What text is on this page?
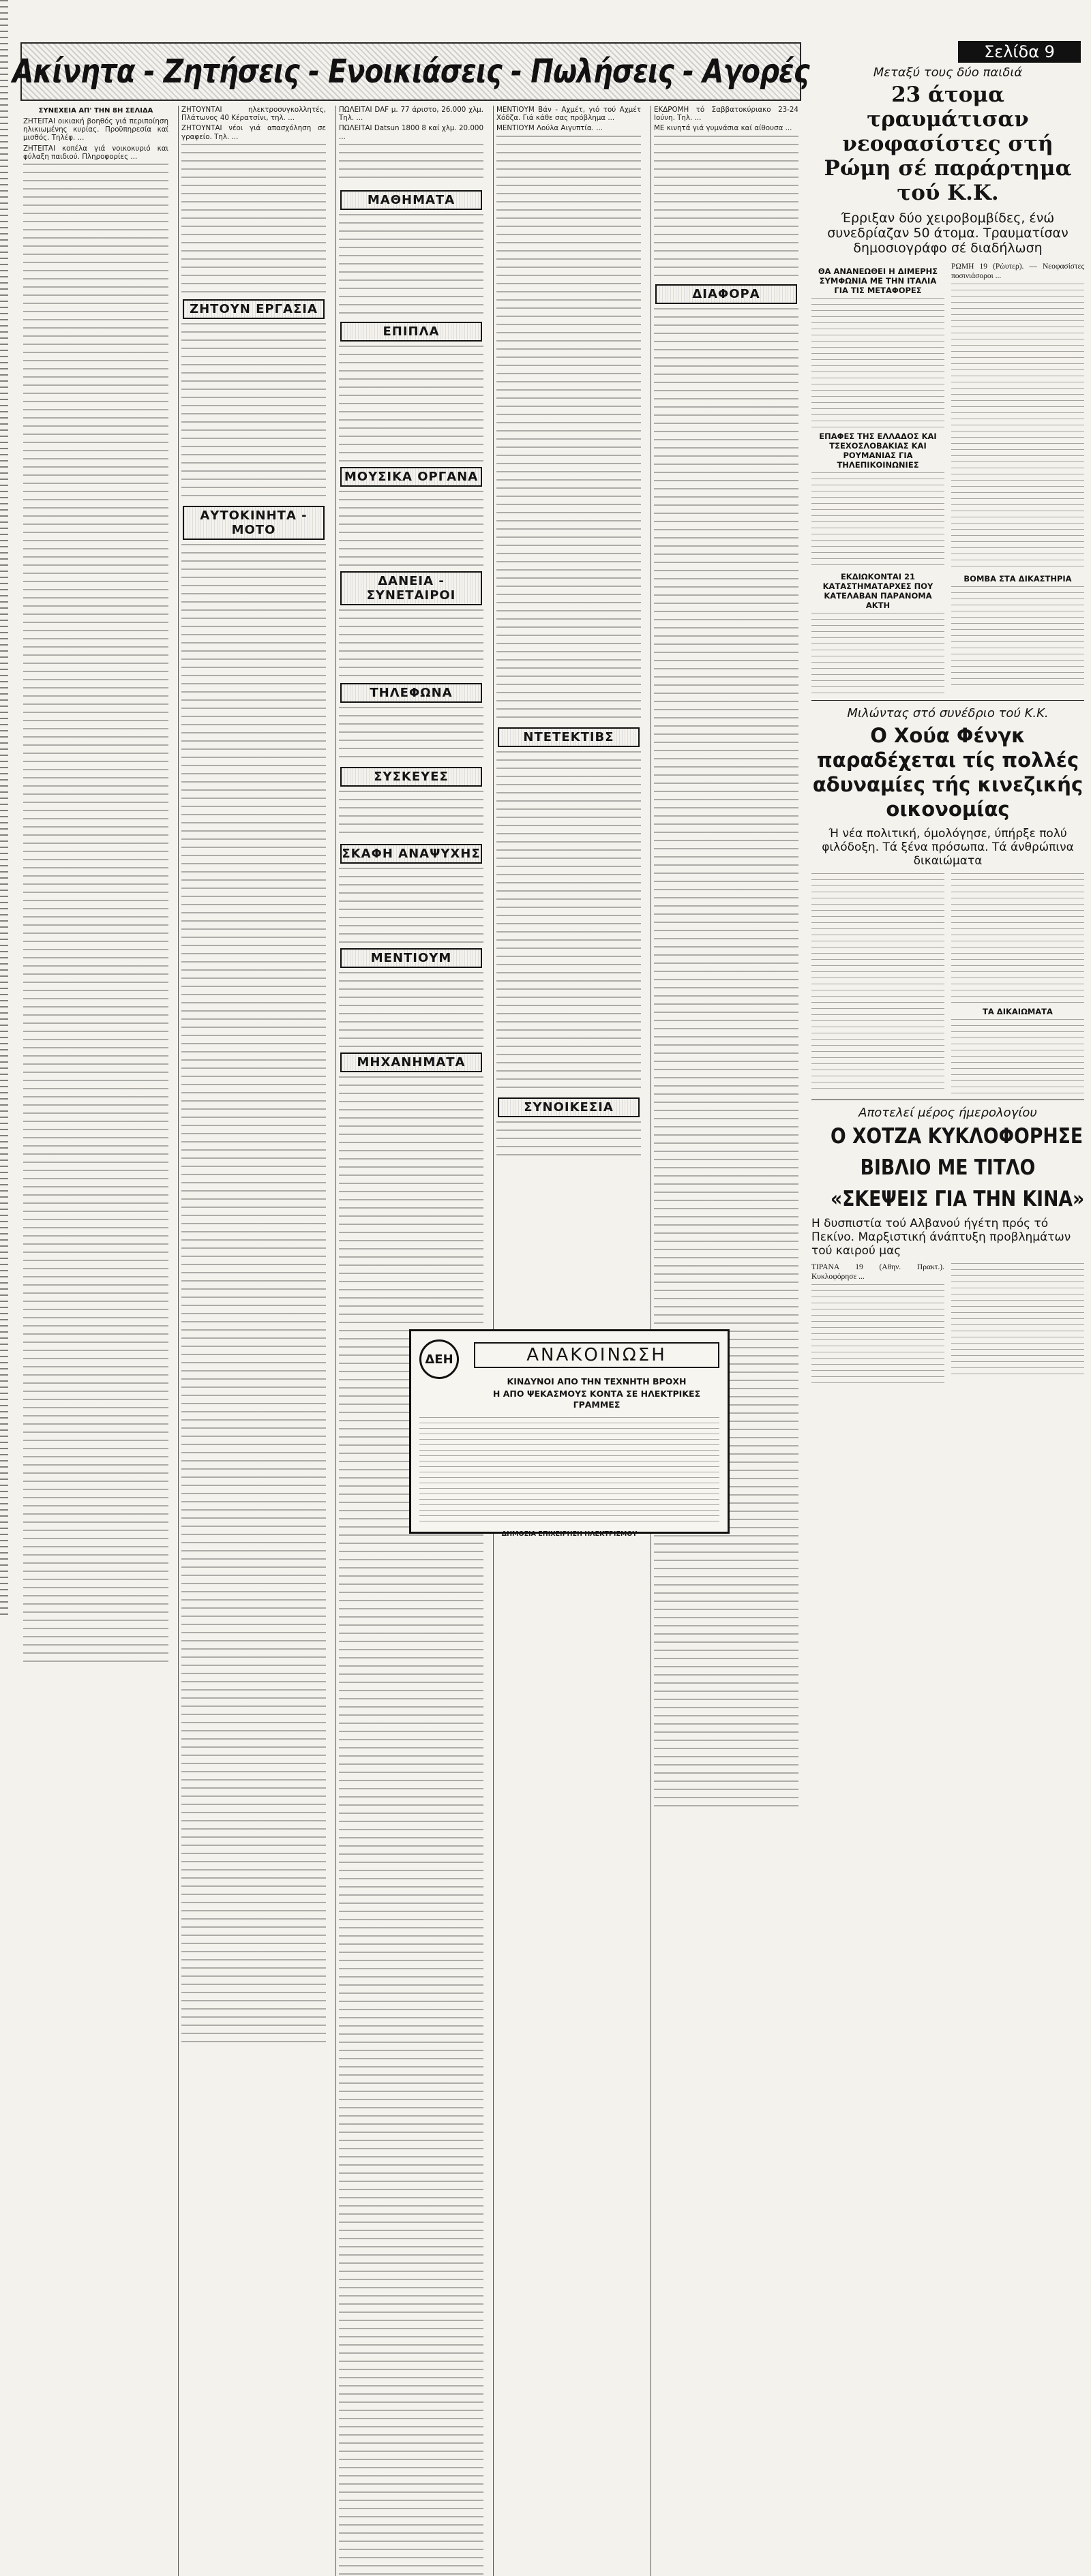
Ακίνητα - Ζητήσεις - Ενοικιάσεις - Πωλήσεις - Αγορές
Σελίδα 9
ΣΥΝΕΧΕΙΑ ΑΠ' ΤΗΝ 8Η ΣΕΛΙΔΑ

ΖΗΤΕΙΤΑΙ οικιακή βοηθός γιά περιποίηση ηλικιωμένης κυρίας. Προϋπηρεσία καί μισθός. Τηλέφ. ...

ΖΗΤΕΙΤΑΙ κοπέλα γιά νοικοκυριό και φύλαξη παιδιού. Πληροφορίες ...

ΖΗΤΟΥΝΤΑΙ ηλεκτροσυγκολλητές, Πλάτωνος 40 Κέρατσίνι, τηλ. ...

ΖΗΤΟΥΝΤΑΙ νέοι γιά απασχόληση σε γραφείο. Τηλ. ...

ΖΗΤΟΥΝ ΕΡΓΑΣΙΑ
ΑΥΤΟΚΙΝΗΤΑ - ΜΟΤΟ

ΠΩΛΕΙΤΑΙ DAF μ. 77 άριστο, 26.000 χλμ. Τηλ. ...

ΠΩΛΕΙΤΑΙ Datsun 1800 8 καί χλμ. 20.000 ...

ΜΑΘΗΜΑΤΑ
ΕΠΙΠΛΑ
ΜΟΥΣΙΚΑ ΟΡΓΑΝΑ
ΔΑΝΕΙΑ - ΣΥΝΕΤΑΙΡΟΙ
ΤΗΛΕΦΩΝΑ
ΣΥΣΚΕΥΕΣ
ΣΚΑΦΗ ΑΝΑΨΥΧΗΣ
ΜΕΝΤΙΟΥΜ
ΜΗΧΑΝΗΜΑΤΑ

ΜΕΝΤΙΟΥΜ Βάν - Αχμέτ, γιό τού Αχμέτ Χόδζα. Γιά κάθε σας πρόβλημα ...

ΜΕΝΤΙΟΥΜ Λούλα Αιγυπτία. ...

ΝΤΕΤΕΚΤΙΒΣ
ΣΥΝΟΙΚΕΣΙΑ

ΕΚΔΡΟΜΗ τό Σαββατοκύριακο 23-24 Ιούνη. Τηλ. ...

ΜΕ κινητά γιά γυμνάσια καί αίθουσα ...

ΔΙΑΦΟΡΑ
ΔΕΗ	ΑΝΑΚΟΙΝΩΣΗ
ΚΙΝΔΥΝΟΙ ΑΠΟ ΤΗΝ ΤΕΧΝΗΤΗ ΒΡΟΧΗ
Η ΑΠΟ ΨΕΚΑΣΜΟΥΣ ΚΟΝΤΑ ΣΕ ΗΛΕΚΤΡΙΚΕΣ ΓΡΑΜΜΕΣ
ΔΗΜΟΣΙΑ ΕΠΙΧΕΙΡΗΣΗ ΗΛΕΚΤΡΙΣΜΟΥ
Μεταξύ τους δύο παιδιά
23 άτομα τραυμάτισαν νεοφασίστες στή Ρώμη σέ παράρτημα τού Κ.Κ.
Έρριξαν δύο χειροβομβίδες, ένώ συνεδρίαζαν 50 άτομα. Τραυματίσαν δημοσιογράφο σέ διαδήλωση
ΘΑ ΑΝΑΝΕΩΘΕΙ Η ΔΙΜΕΡΗΣ ΣΥΜΦΩΝΙΑ ΜΕ ΤΗΝ ΙΤΑΛΙΑ ΓΙΑ ΤΙΣ ΜΕΤΑΦΟΡΕΣ
ΕΠΑΦΕΣ ΤΗΣ ΕΛΛΑΔΟΣ ΚΑΙ ΤΣΕΧΟΣΛΟΒΑΚΙΑΣ ΚΑΙ ΡΟΥΜΑΝΙΑΣ ΓΙΑ ΤΗΛΕΠΙΚΟΙΝΩΝΙΕΣ
ΕΚΔΙΩΚΟΝΤΑΙ 21 ΚΑΤΑΣΤΗΜΑΤΑΡΧΕΣ ΠΟΥ ΚΑΤΕΛΑΒΑΝ ΠΑΡΑΝΟΜΑ ΑΚΤΗ

ΡΩΜΗ 19 (Ρώυτερ). — Νεοφασίστες ποσινιάσοροι ...

ΒΟΜΒΑ ΣΤΑ ΔΙΚΑΣΤΗΡΙΑ
Μιλώντας στό συνέδριο τού Κ.Κ.
Ο Χούα Φένγκ παραδέχεται τίς πολλές αδυναμίες τής κινεζικής οικονομίας
Ή νέα πολιτική, όμολόγησε, ύπήρξε πολύ φιλόδοξη. Τά ξένα πρόσωπα. Τά άνθρώπινα δικαιώματα
ΤΑ ΔΙΚΑΙΩΜΑΤΑ
Αποτελεί μέρος ήμερολογίου
Ο ΧΟΤΖΑ ΚΥΚΛΟΦΟΡΗΣΕ
ΒΙΒΛΙΟ ΜΕ ΤΙΤΛΟ
«ΣΚΕΨΕΙΣ ΓΙΑ ΤΗΝ ΚΙΝΑ»
Η δυσπιστία τού Αλβανού ήγέτη πρός τό Πεκίνο. Μαρξιστική άνάπτυξη προβλημάτων τού καιρού μας

ΤΙΡΑΝΑ 19 (Αθην. Πρακτ.). Κυκλοφόρησε ...
